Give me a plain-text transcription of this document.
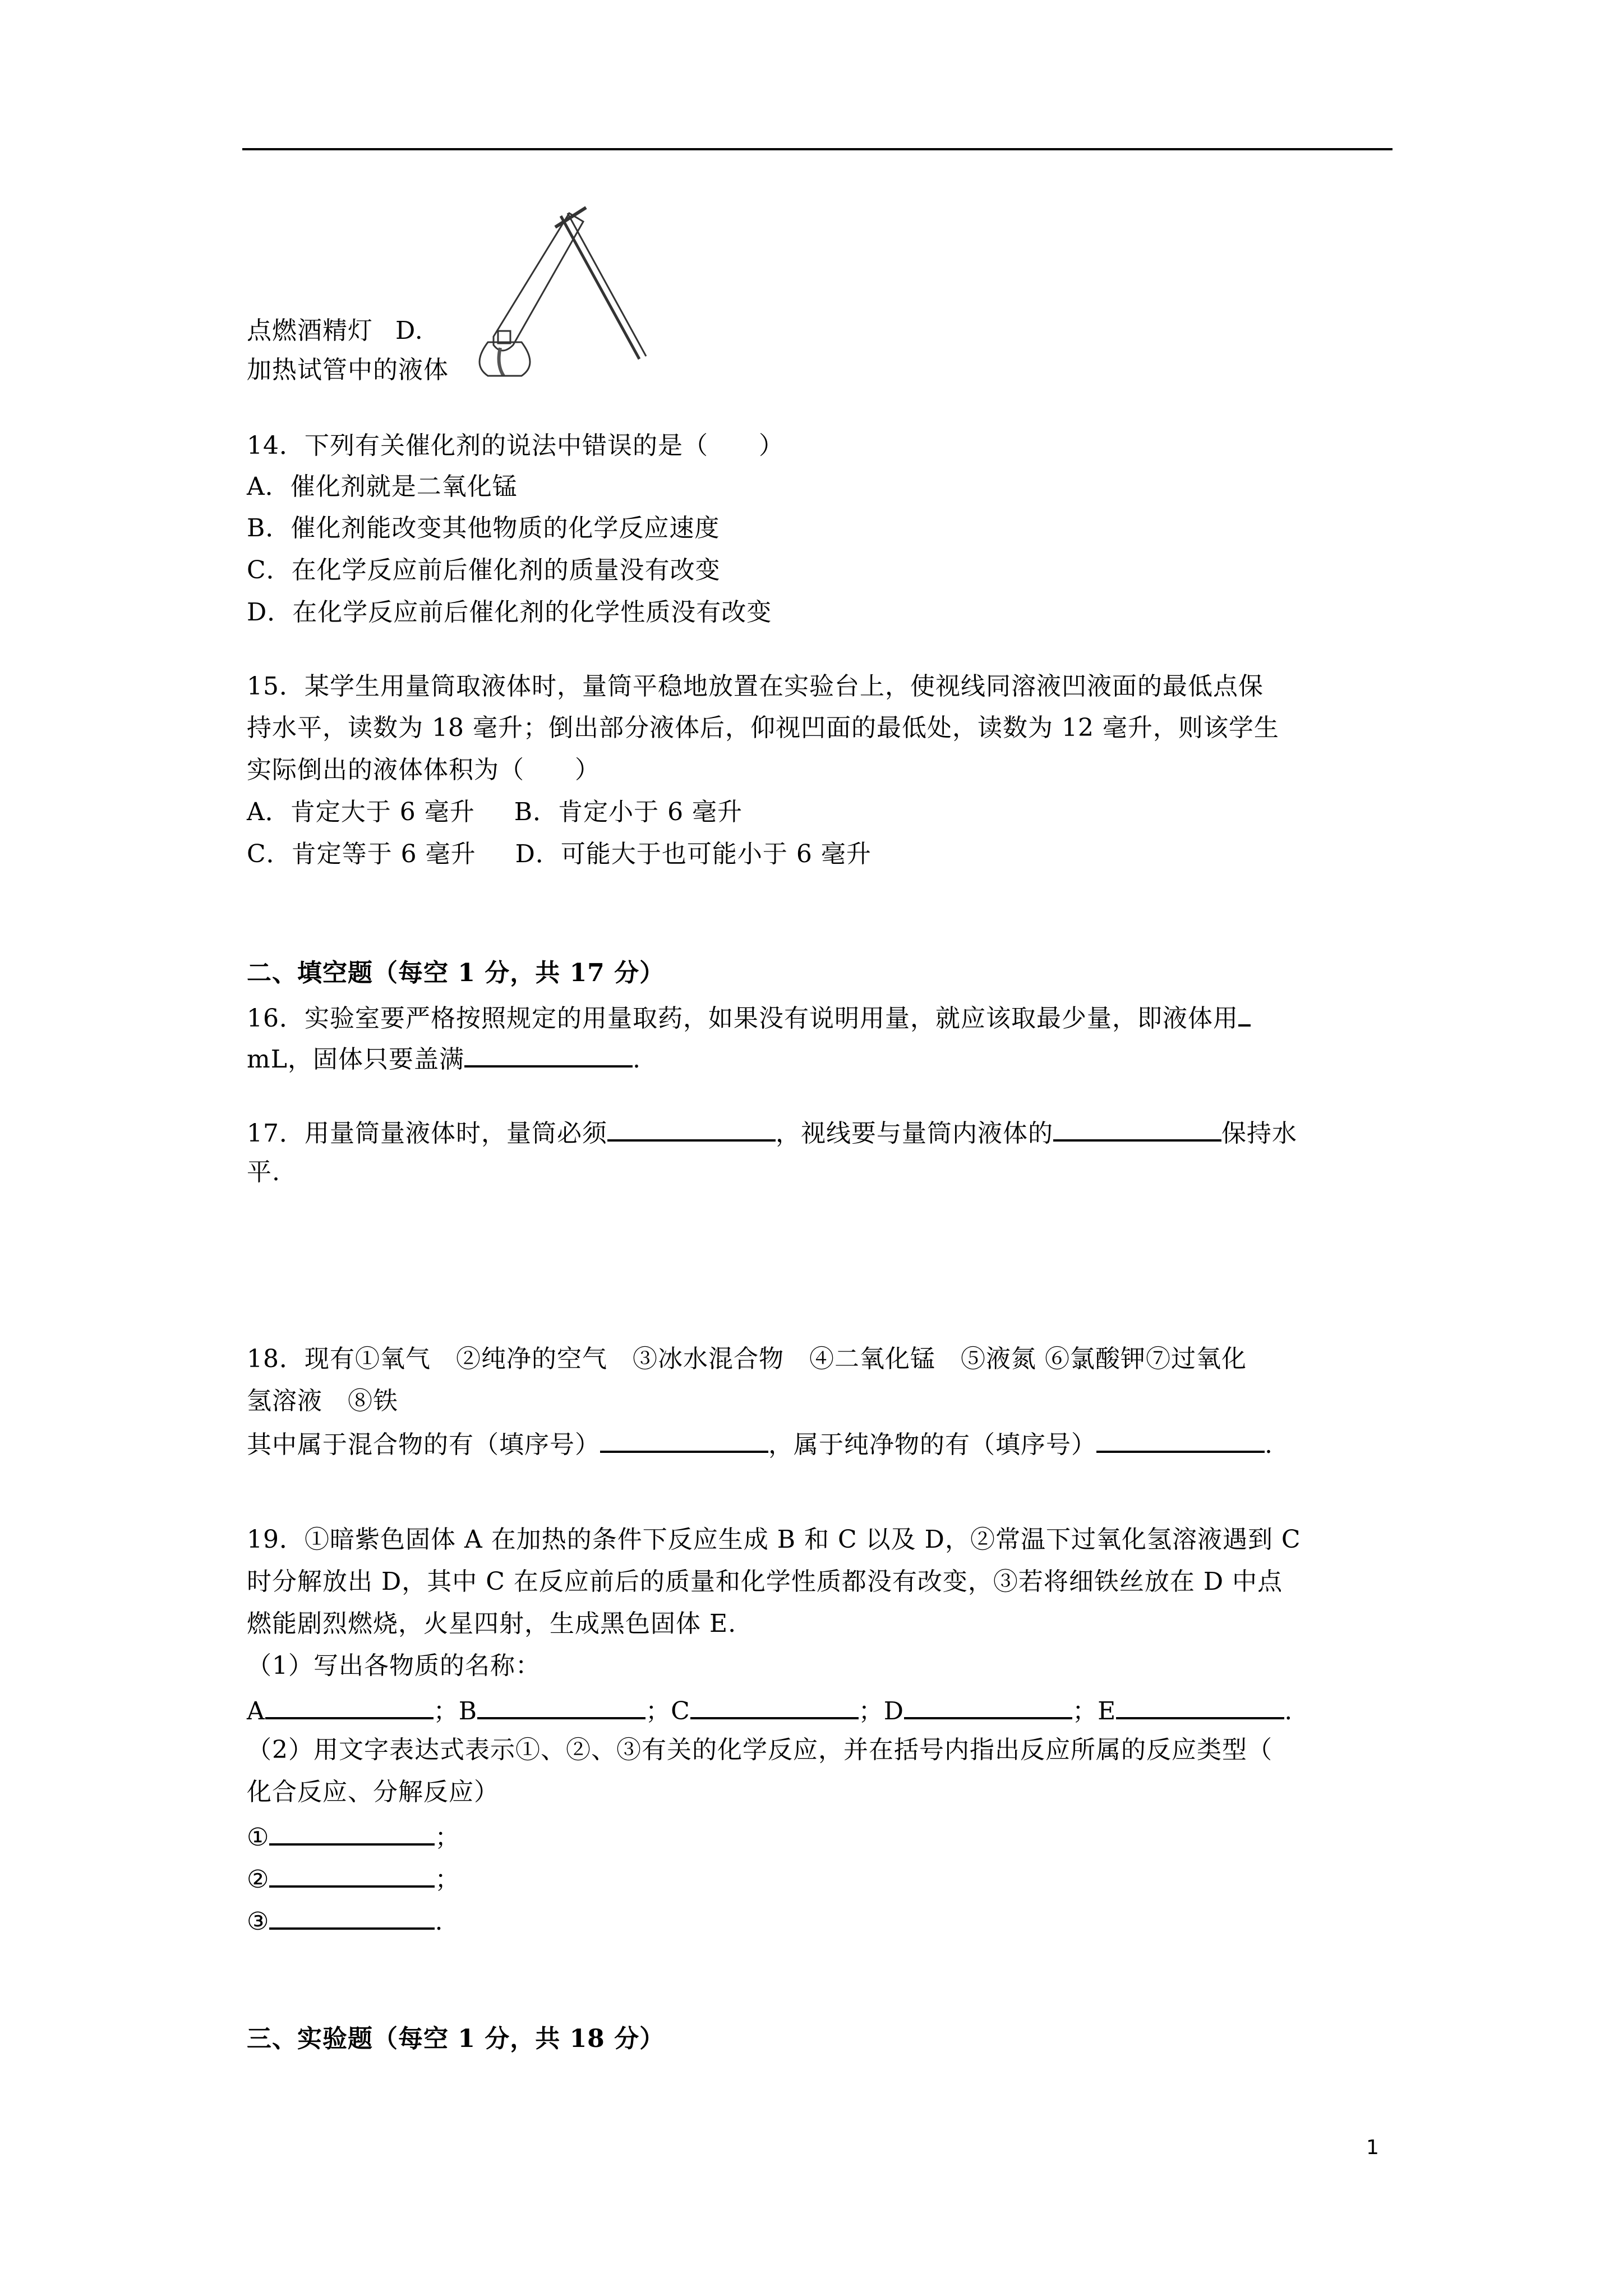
点燃酒精灯 D.
加热试管中的液体
14．下列有关催化剂的说法中错误的是（　　）
A．催化剂就是二氧化锰
B．催化剂能改变其他物质的化学反应速度
C．在化学反应前后催化剂的质量没有改变
D．在化学反应前后催化剂的化学性质没有改变
15．某学生用量筒取液体时，量筒平稳地放置在实验台上，使视线同溶液凹液面的最低点保
持水平，读数为 18 毫升；倒出部分液体后，仰视凹面的最低处，读数为 12 毫升，则该学生
实际倒出的液体体积为（　　）
A．肯定大于 6 毫升 B．肯定小于 6 毫升
C．肯定等于 6 毫升 D．可能大于也可能小于 6 毫升
二、填空题（每空 1 分，共 17 分）
16．实验室要严格按照规定的用量取药，如果没有说明用量，就应该取最少量，即液体用
mL，固体只要盖满	.
17．用量筒量液体时，量筒必须	，视线要与量筒内液体的	保持水
平.
18．现有①氧气　②纯净的空气　③冰水混合物　④二氧化锰　⑤液氮 ⑥氯酸钾⑦过氧化
氢溶液　⑧铁
其中属于混合物的有（填序号）	，属于纯净物的有（填序号）	.
19．①暗紫色固体 A 在加热的条件下反应生成 B 和 C 以及 D，②常温下过氧化氢溶液遇到 C
时分解放出 D，其中 C 在反应前后的质量和化学性质都没有改变，③若将细铁丝放在 D 中点
燃能剧烈燃烧，火星四射，生成黑色固体 E.
（1）写出各物质的名称：
A	；B	；C	；D	；E	.
（2）用文字表达式表示①、②、③有关的化学反应，并在括号内指出反应所属的反应类型（
化合反应、分解反应）
①	；
②	；
③	.
三、实验题（每空 1 分，共 18 分）
1
